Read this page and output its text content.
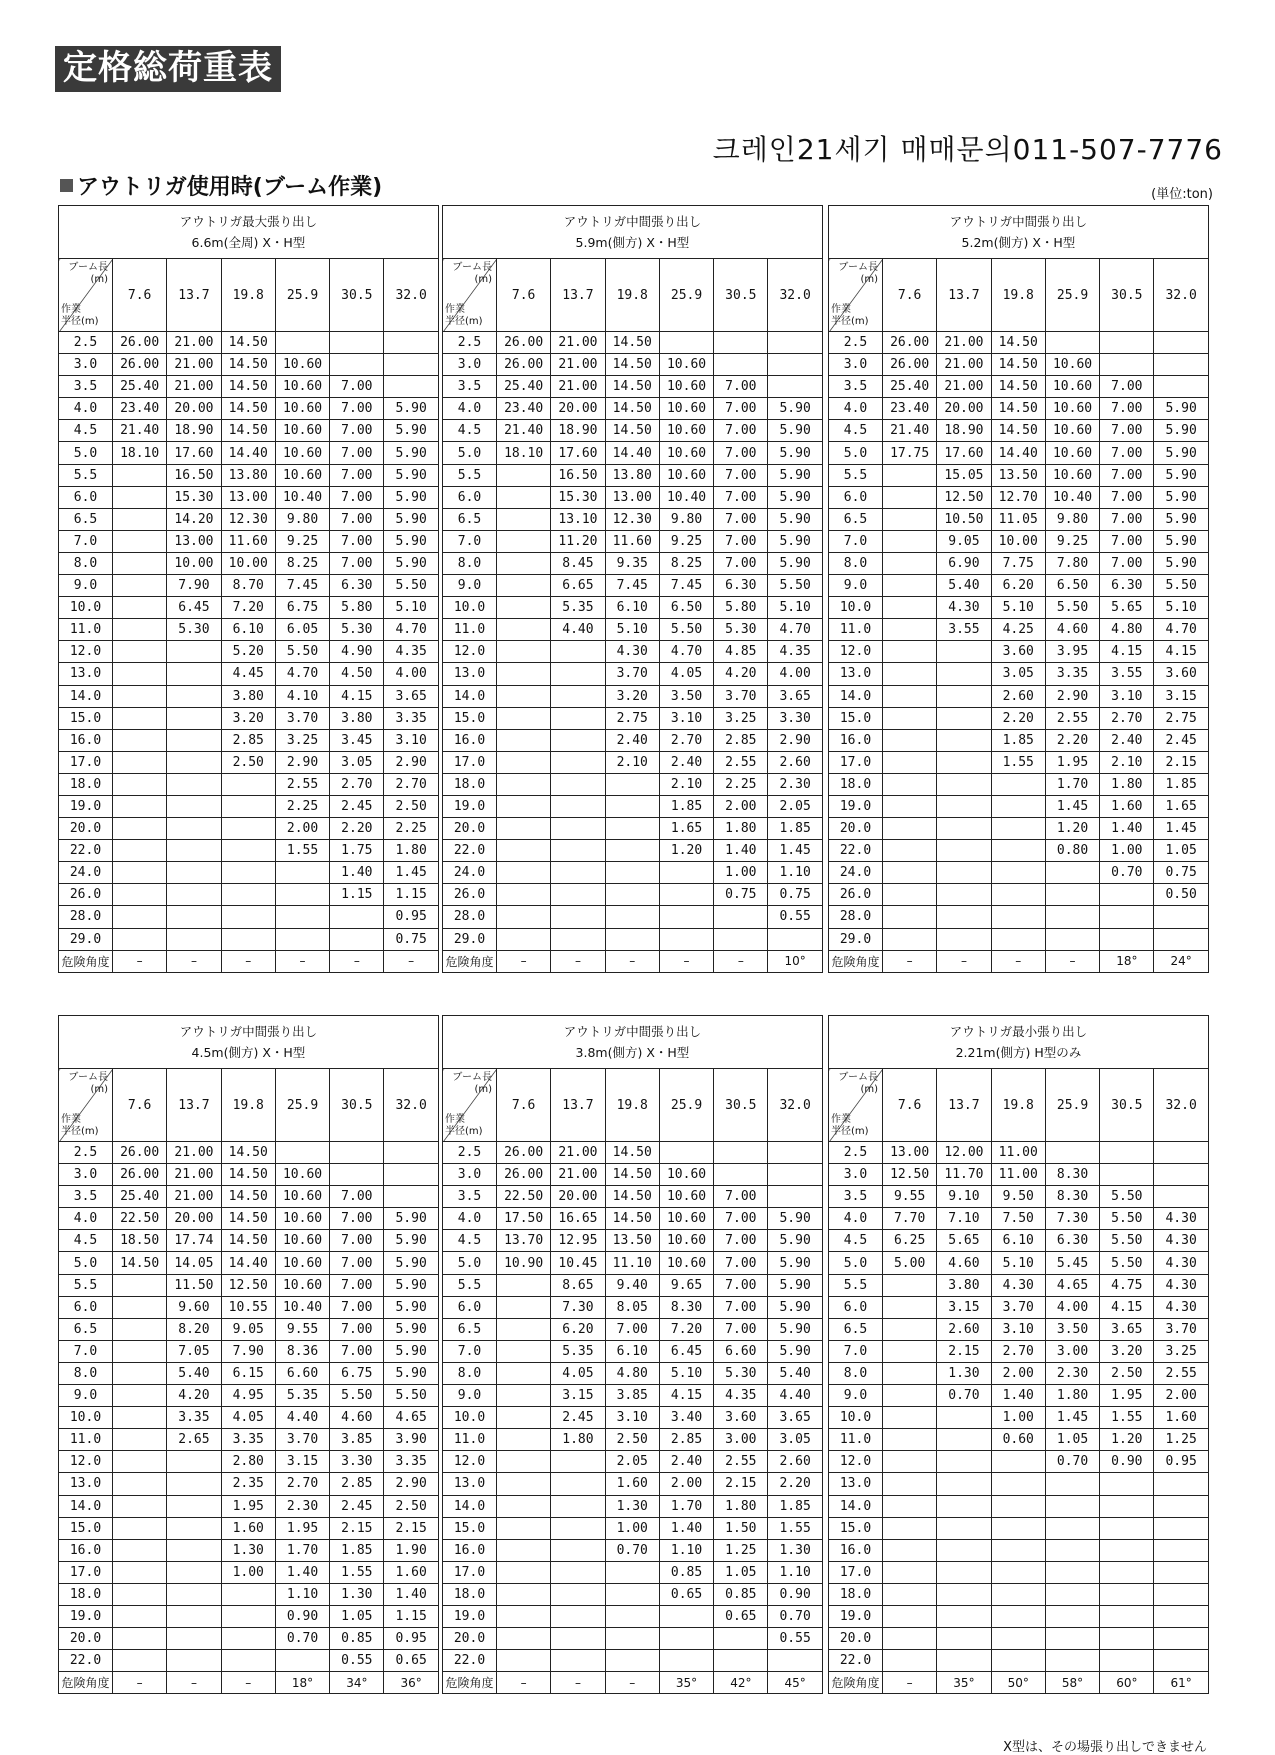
定格総荷重表
크레인21세기 매매문의011-507-7776
アウトリガ使用時(ブーム作業)	(単位:ton)
アウトリガ最大張り出し
6.6m(全周) X・H型						

ブーム長
(m)
作業
半径(m)	7.6	13.7	19.8	25.9	30.5	32.0
2.5	26.00	21.00	14.50			
3.0	26.00	21.00	14.50	10.60		
3.5	25.40	21.00	14.50	10.60	7.00	
4.0	23.40	20.00	14.50	10.60	7.00	5.90
4.5	21.40	18.90	14.50	10.60	7.00	5.90
5.0	18.10	17.60	14.40	10.60	7.00	5.90
5.5		16.50	13.80	10.60	7.00	5.90
6.0		15.30	13.00	10.40	7.00	5.90
6.5		14.20	12.30	9.80	7.00	5.90
7.0		13.00	11.60	9.25	7.00	5.90
8.0		10.00	10.00	8.25	7.00	5.90
9.0		7.90	8.70	7.45	6.30	5.50
10.0		6.45	7.20	6.75	5.80	5.10
11.0		5.30	6.10	6.05	5.30	4.70
12.0			5.20	5.50	4.90	4.35
13.0			4.45	4.70	4.50	4.00
14.0			3.80	4.10	4.15	3.65
15.0			3.20	3.70	3.80	3.35
16.0			2.85	3.25	3.45	3.10
17.0			2.50	2.90	3.05	2.90
18.0				2.55	2.70	2.70
19.0				2.25	2.45	2.50
20.0				2.00	2.20	2.25
22.0				1.55	1.75	1.80
24.0					1.40	1.45
26.0					1.15	1.15
28.0						0.95
29.0						0.75
危険角度	–	–	–	–	–	–
アウトリガ中間張り出し
5.9m(側方) X・H型						

ブーム長
(m)
作業
半径(m)	7.6	13.7	19.8	25.9	30.5	32.0
2.5	26.00	21.00	14.50			
3.0	26.00	21.00	14.50	10.60		
3.5	25.40	21.00	14.50	10.60	7.00	
4.0	23.40	20.00	14.50	10.60	7.00	5.90
4.5	21.40	18.90	14.50	10.60	7.00	5.90
5.0	18.10	17.60	14.40	10.60	7.00	5.90
5.5		16.50	13.80	10.60	7.00	5.90
6.0		15.30	13.00	10.40	7.00	5.90
6.5		13.10	12.30	9.80	7.00	5.90
7.0		11.20	11.60	9.25	7.00	5.90
8.0		8.45	9.35	8.25	7.00	5.90
9.0		6.65	7.45	7.45	6.30	5.50
10.0		5.35	6.10	6.50	5.80	5.10
11.0		4.40	5.10	5.50	5.30	4.70
12.0			4.30	4.70	4.85	4.35
13.0			3.70	4.05	4.20	4.00
14.0			3.20	3.50	3.70	3.65
15.0			2.75	3.10	3.25	3.30
16.0			2.40	2.70	2.85	2.90
17.0			2.10	2.40	2.55	2.60
18.0				2.10	2.25	2.30
19.0				1.85	2.00	2.05
20.0				1.65	1.80	1.85
22.0				1.20	1.40	1.45
24.0					1.00	1.10
26.0					0.75	0.75
28.0						0.55
29.0						
危険角度	–	–	–	–	–	10°
アウトリガ中間張り出し
5.2m(側方) X・H型						

ブーム長
(m)
作業
半径(m)	7.6	13.7	19.8	25.9	30.5	32.0
2.5	26.00	21.00	14.50			
3.0	26.00	21.00	14.50	10.60		
3.5	25.40	21.00	14.50	10.60	7.00	
4.0	23.40	20.00	14.50	10.60	7.00	5.90
4.5	21.40	18.90	14.50	10.60	7.00	5.90
5.0	17.75	17.60	14.40	10.60	7.00	5.90
5.5		15.05	13.50	10.60	7.00	5.90
6.0		12.50	12.70	10.40	7.00	5.90
6.5		10.50	11.05	9.80	7.00	5.90
7.0		9.05	10.00	9.25	7.00	5.90
8.0		6.90	7.75	7.80	7.00	5.90
9.0		5.40	6.20	6.50	6.30	5.50
10.0		4.30	5.10	5.50	5.65	5.10
11.0		3.55	4.25	4.60	4.80	4.70
12.0			3.60	3.95	4.15	4.15
13.0			3.05	3.35	3.55	3.60
14.0			2.60	2.90	3.10	3.15
15.0			2.20	2.55	2.70	2.75
16.0			1.85	2.20	2.40	2.45
17.0			1.55	1.95	2.10	2.15
18.0				1.70	1.80	1.85
19.0				1.45	1.60	1.65
20.0				1.20	1.40	1.45
22.0				0.80	1.00	1.05
24.0					0.70	0.75
26.0						0.50
28.0						
29.0						
危険角度	–	–	–	–	18°	24°
アウトリガ中間張り出し
4.5m(側方) X・H型						

ブーム長
(m)
作業
半径(m)	7.6	13.7	19.8	25.9	30.5	32.0
2.5	26.00	21.00	14.50			
3.0	26.00	21.00	14.50	10.60		
3.5	25.40	21.00	14.50	10.60	7.00	
4.0	22.50	20.00	14.50	10.60	7.00	5.90
4.5	18.50	17.74	14.50	10.60	7.00	5.90
5.0	14.50	14.05	14.40	10.60	7.00	5.90
5.5		11.50	12.50	10.60	7.00	5.90
6.0		9.60	10.55	10.40	7.00	5.90
6.5		8.20	9.05	9.55	7.00	5.90
7.0		7.05	7.90	8.36	7.00	5.90
8.0		5.40	6.15	6.60	6.75	5.90
9.0		4.20	4.95	5.35	5.50	5.50
10.0		3.35	4.05	4.40	4.60	4.65
11.0		2.65	3.35	3.70	3.85	3.90
12.0			2.80	3.15	3.30	3.35
13.0			2.35	2.70	2.85	2.90
14.0			1.95	2.30	2.45	2.50
15.0			1.60	1.95	2.15	2.15
16.0			1.30	1.70	1.85	1.90
17.0			1.00	1.40	1.55	1.60
18.0				1.10	1.30	1.40
19.0				0.90	1.05	1.15
20.0				0.70	0.85	0.95
22.0					0.55	0.65
危険角度	–	–	–	18°	34°	36°
アウトリガ中間張り出し
3.8m(側方) X・H型						

ブーム長
(m)
作業
半径(m)	7.6	13.7	19.8	25.9	30.5	32.0
2.5	26.00	21.00	14.50			
3.0	26.00	21.00	14.50	10.60		
3.5	22.50	20.00	14.50	10.60	7.00	
4.0	17.50	16.65	14.50	10.60	7.00	5.90
4.5	13.70	12.95	13.50	10.60	7.00	5.90
5.0	10.90	10.45	11.10	10.60	7.00	5.90
5.5		8.65	9.40	9.65	7.00	5.90
6.0		7.30	8.05	8.30	7.00	5.90
6.5		6.20	7.00	7.20	7.00	5.90
7.0		5.35	6.10	6.45	6.60	5.90
8.0		4.05	4.80	5.10	5.30	5.40
9.0		3.15	3.85	4.15	4.35	4.40
10.0		2.45	3.10	3.40	3.60	3.65
11.0		1.80	2.50	2.85	3.00	3.05
12.0			2.05	2.40	2.55	2.60
13.0			1.60	2.00	2.15	2.20
14.0			1.30	1.70	1.80	1.85
15.0			1.00	1.40	1.50	1.55
16.0			0.70	1.10	1.25	1.30
17.0				0.85	1.05	1.10
18.0				0.65	0.85	0.90
19.0					0.65	0.70
20.0						0.55
22.0						
危険角度	–	–	–	35°	42°	45°
アウトリガ最小張り出し
2.21m(側方) H型のみ						

ブーム長
(m)
作業
半径(m)	7.6	13.7	19.8	25.9	30.5	32.0
2.5	13.00	12.00	11.00			
3.0	12.50	11.70	11.00	8.30		
3.5	9.55	9.10	9.50	8.30	5.50	
4.0	7.70	7.10	7.50	7.30	5.50	4.30
4.5	6.25	5.65	6.10	6.30	5.50	4.30
5.0	5.00	4.60	5.10	5.45	5.50	4.30
5.5		3.80	4.30	4.65	4.75	4.30
6.0		3.15	3.70	4.00	4.15	4.30
6.5		2.60	3.10	3.50	3.65	3.70
7.0		2.15	2.70	3.00	3.20	3.25
8.0		1.30	2.00	2.30	2.50	2.55
9.0		0.70	1.40	1.80	1.95	2.00
10.0			1.00	1.45	1.55	1.60
11.0			0.60	1.05	1.20	1.25
12.0				0.70	0.90	0.95
13.0						
14.0						
15.0						
16.0						
17.0						
18.0						
19.0						
20.0						
22.0						
危険角度	–	35°	50°	58°	60°	61°
X型は、その場張り出しできません
